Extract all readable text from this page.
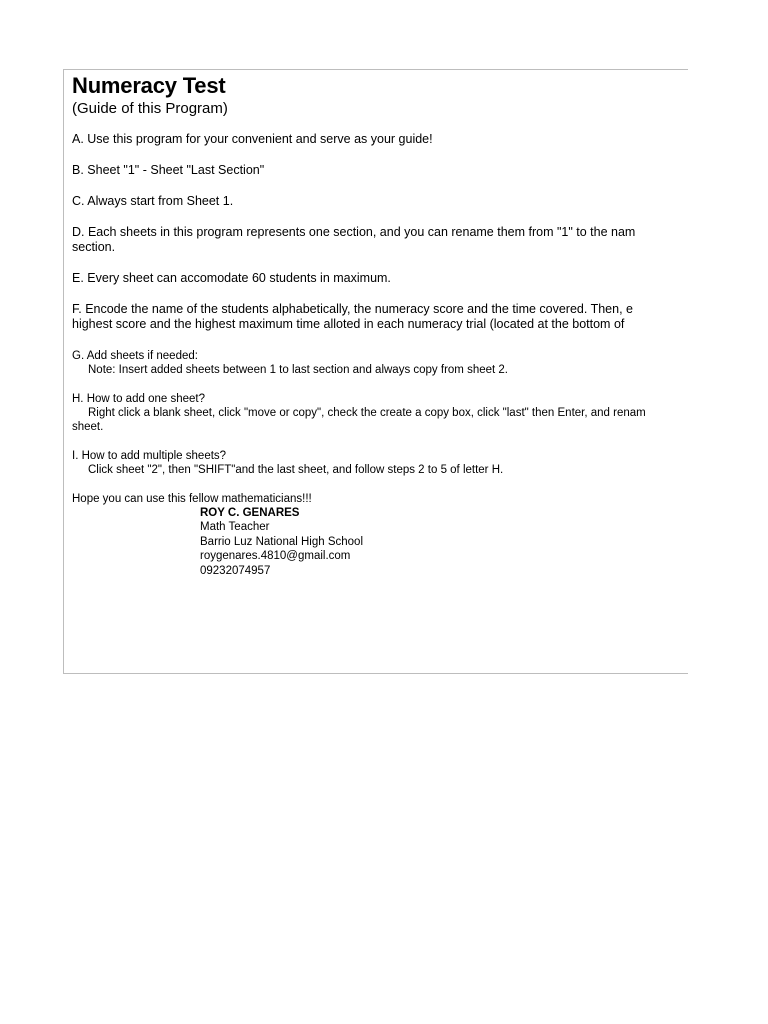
Numeracy Test
(Guide of this Program)
A. Use this program for your convenient and serve as your guide!
B. Sheet "1" - Sheet "Last Section"
C. Always start from Sheet 1.
D. Each sheets in this program represents one section, and you can rename them from "1" to the nam
section.
E. Every sheet can accomodate 60 students in maximum.
F. Encode the name of the students alphabetically, the numeracy score and the time covered. Then, e
highest score and the highest maximum time alloted in each numeracy trial (located at the bottom of
G. Add sheets if needed:
Note: Insert added sheets between 1 to last section and always copy from sheet 2.
H. How to add one sheet?
Right click a blank sheet, click "move or copy", check the create a copy box, click "last" then Enter, and renam
sheet.
I. How to add multiple sheets?
Click sheet "2", then "SHIFT"and the last sheet, and follow steps 2 to 5 of letter H.
Hope you can use this fellow mathematicians!!!
ROY C. GENARES
Math Teacher
Barrio Luz National High School
roygenares.4810@gmail.com
09232074957
